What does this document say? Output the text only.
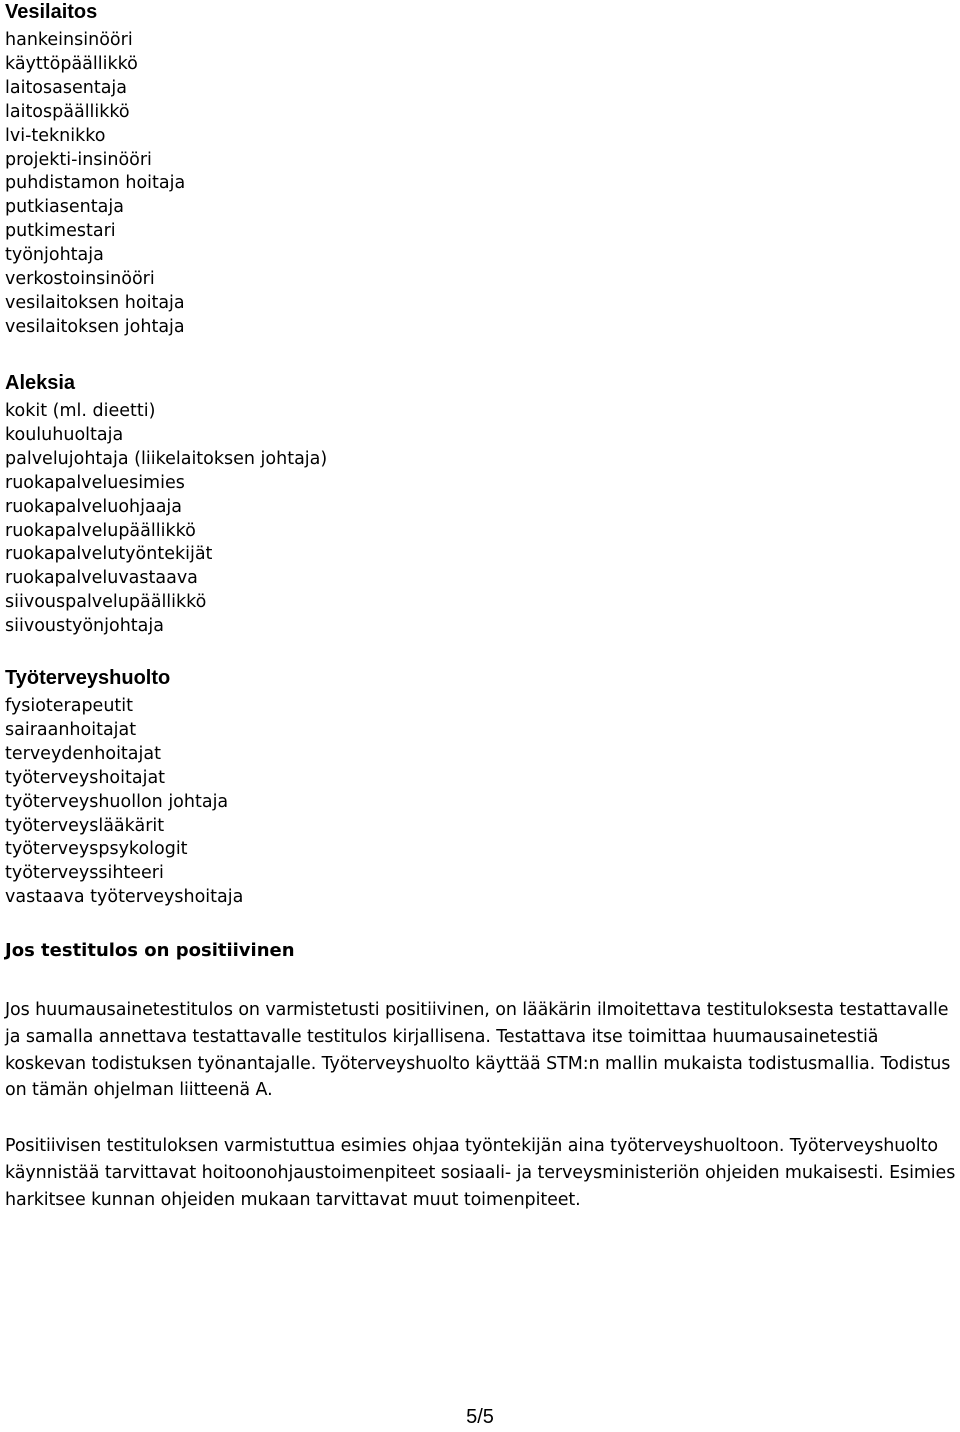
Vesilaitos
hankeinsinööri
käyttöpäällikkö
laitosasentaja
laitospäällikkö
lvi-teknikko
projekti-insinööri
puhdistamon hoitaja
putkiasentaja
putkimestari
työnjohtaja
verkostoinsinööri
vesilaitoksen hoitaja
vesilaitoksen johtaja
Aleksia
kokit (ml. dieetti)
kouluhuoltaja
palvelujohtaja (liikelaitoksen johtaja)
ruokapalveluesimies
ruokapalveluohjaaja
ruokapalvelupäällikkö
ruokapalvelutyöntekijät
ruokapalveluvastaava
siivouspalvelupäällikkö
siivoustyönjohtaja
Työterveyshuolto
fysioterapeutit
sairaanhoitajat
terveydenhoitajat
työterveyshoitajat
työterveyshuollon johtaja
työterveyslääkärit
työterveyspsykologit
työterveyssihteeri
vastaava työterveyshoitaja
Jos testitulos on positiivinen

Jos huumausainetestitulos on varmistetusti positiivinen, on lääkärin ilmoitettava testituloksesta testattavalle ja samalla annettava testattavalle testitulos kirjallisena. Testattava itse toimittaa huumausainetestiä koskevan todistuksen työnantajalle. Työterveyshuolto käyttää STM:n mallin mukaista todistusmallia. Todistus on tämän ohjelman liitteenä A.

Positiivisen testituloksen varmistuttua esimies ohjaa työntekijän aina työterveyshuoltoon. Työterveyshuolto käynnistää tarvittavat hoitoonohjaustoimenpiteet sosiaali- ja terveysministeriön ohjeiden mukaisesti. Esimies harkitsee kunnan ohjeiden mukaan tarvittavat muut toimenpiteet.

5/5
